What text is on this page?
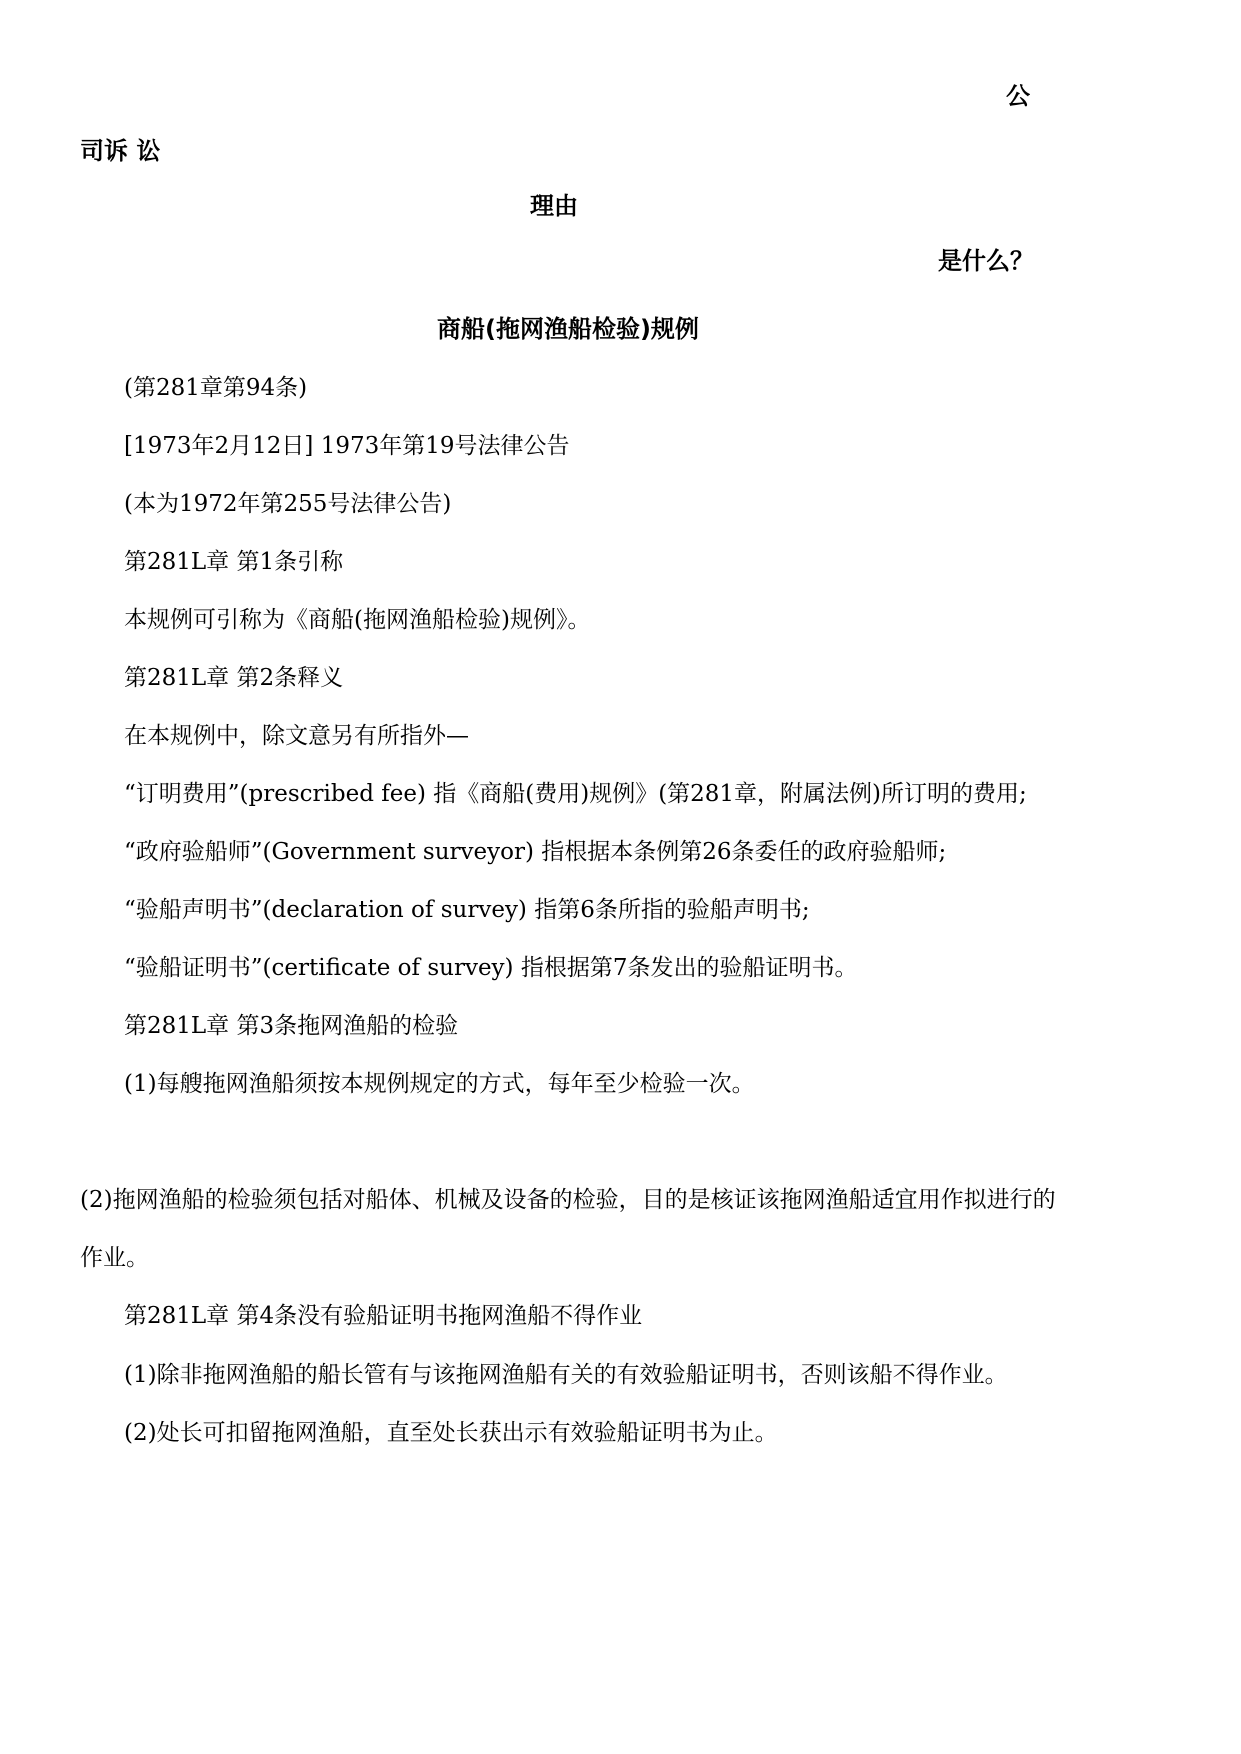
公
司诉 讼
理由
是什么？
商船(拖网渔船检验)规例
(第281章第94条)
[1973年2月12日] 1973年第19号法律公告
(本为1972年第255号法律公告)
第281L章 第1条引称
本规例可引称为《商船(拖网渔船检验)规例》。
第281L章 第2条释义
在本规例中，除文意另有所指外—
“订明费用”(prescribed fee) 指《商船(费用)规例》(第281章，附属法例)所订明的费用;
“政府验船师”(Government surveyor) 指根据本条例第26条委任的政府验船师;
“验船声明书”(declaration of survey) 指第6条所指的验船声明书;
“验船证明书”(certificate of survey) 指根据第7条发出的验船证明书。
第281L章 第3条拖网渔船的检验
(1)每艘拖网渔船须按本规例规定的方式，每年至少检验一次。
(2)拖网渔船的检验须包括对船体、机械及设备的检验，目的是核证该拖网渔船适宜用作拟进行的
作业。
第281L章 第4条没有验船证明书拖网渔船不得作业
(1)除非拖网渔船的船长管有与该拖网渔船有关的有效验船证明书，否则该船不得作业。
(2)处长可扣留拖网渔船，直至处长获出示有效验船证明书为止。
